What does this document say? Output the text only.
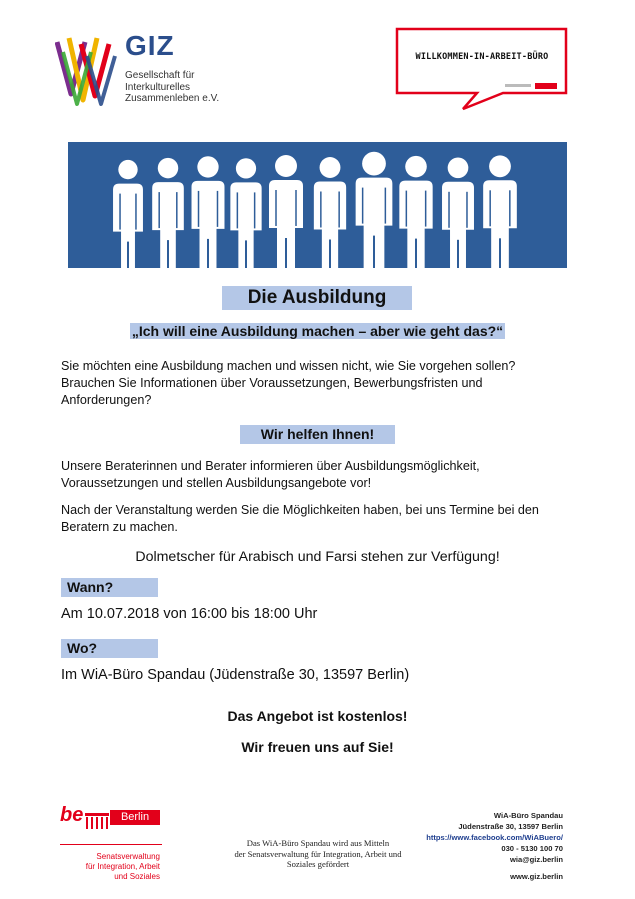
GIZ
Gesellschaft für
Interkulturelles
Zusammenleben e.V.
WILLKOMMEN-IN-ARBEIT-BÜRO
Die Ausbildung
„Ich will eine Ausbildung machen – aber wie geht das?“
Sie möchten eine Ausbildung machen und wissen nicht, wie Sie vorgehen sollen? Brauchen Sie Informationen über Voraussetzungen, Bewerbungsfristen und Anforderungen?
Wir helfen Ihnen!
Unsere Beraterinnen und Berater informieren über Ausbildungsmöglichkeit, Voraussetzungen und stellen Ausbildungsangebote vor!
Nach der Veranstaltung werden Sie die Möglichkeiten haben, bei uns Termine bei den Beratern zu machen.
Dolmetscher für Arabisch und Farsi stehen zur Verfügung!
Wann?
Am 10.07.2018 von 16:00 bis 18:00 Uhr
Wo?
Im WiA-Büro Spandau (Jüdenstraße 30, 13597 Berlin)
Das Angebot ist kostenlos!
Wir freuen uns auf Sie!
be	Berlin
Senatsverwaltung
für Integration, Arbeit
und Soziales
Das WiA-Büro Spandau wird aus Mitteln
der Senatsverwaltung für Integration, Arbeit und
Soziales gefördert
WiA-Büro Spandau
Jüdenstraße 30, 13597 Berlin
https://www.facebook.com/WiABuero/
030 - 5130 100 70
wia@giz.berlin
www.giz.berlin
